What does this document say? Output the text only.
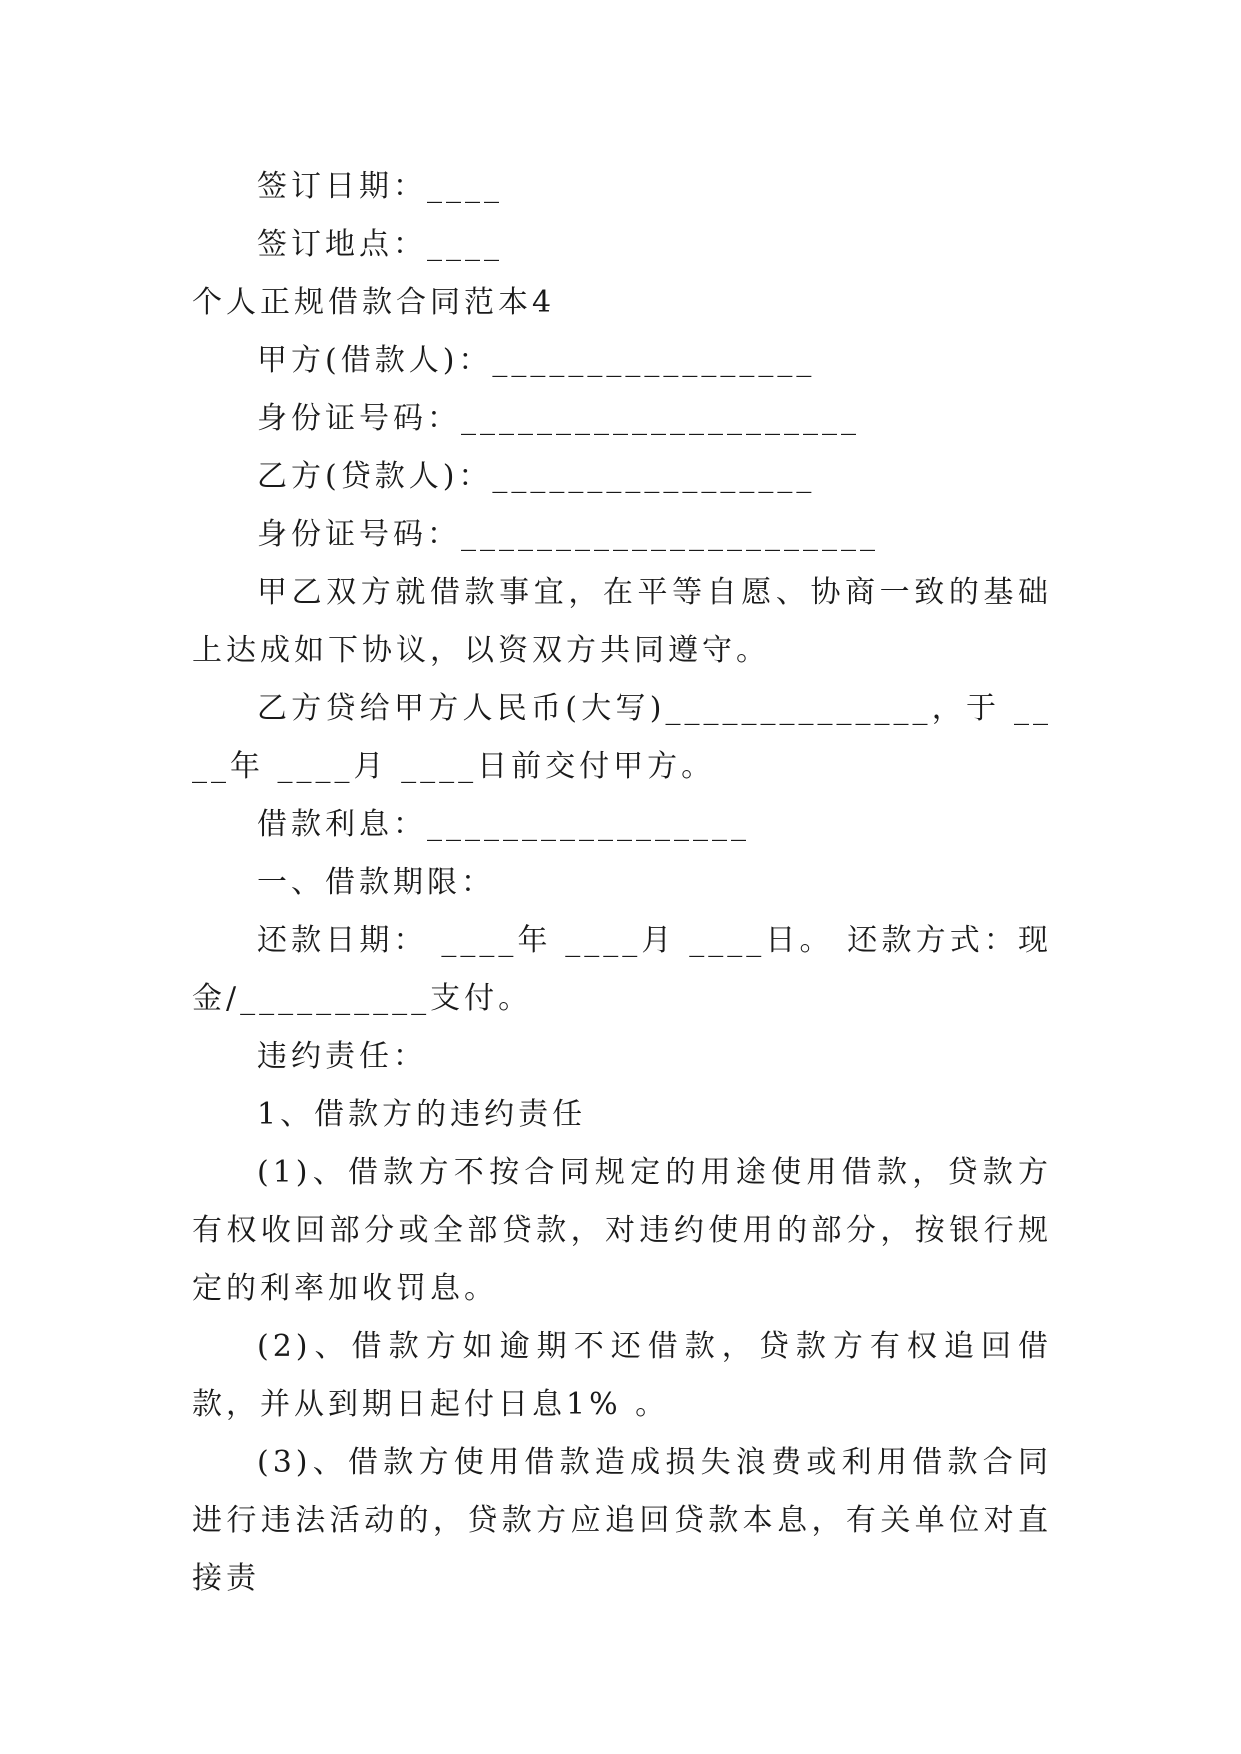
签订日期：____
签订地点：____
个人正规借款合同范本4
甲方(借款人)：_________________
身份证号码：_____________________
乙方(贷款人)：_________________
身份证号码：______________________
甲乙双方就借款事宜，在平等自愿、协商一致的基础上达成如下协议，以资双方共同遵守。
乙方贷给甲方人民币(大写)______________，于 ____年 ____月 ____日前交付甲方。
借款利息：_________________
一、借款期限：
还款日期： ____年 ____月 ____日。 还款方式：现金/__________支付。
违约责任：
1、借款方的违约责任
(1)、借款方不按合同规定的用途使用借款，贷款方有权收回部分或全部贷款，对违约使用的部分，按银行规定的利率加收罚息。
(2)、借款方如逾期不还借款，贷款方有权追回借款，并从到期日起付日息1% 。
(3)、借款方使用借款造成损失浪费或利用借款合同进行违法活动的，贷款方应追回贷款本息，有关单位对直接责
